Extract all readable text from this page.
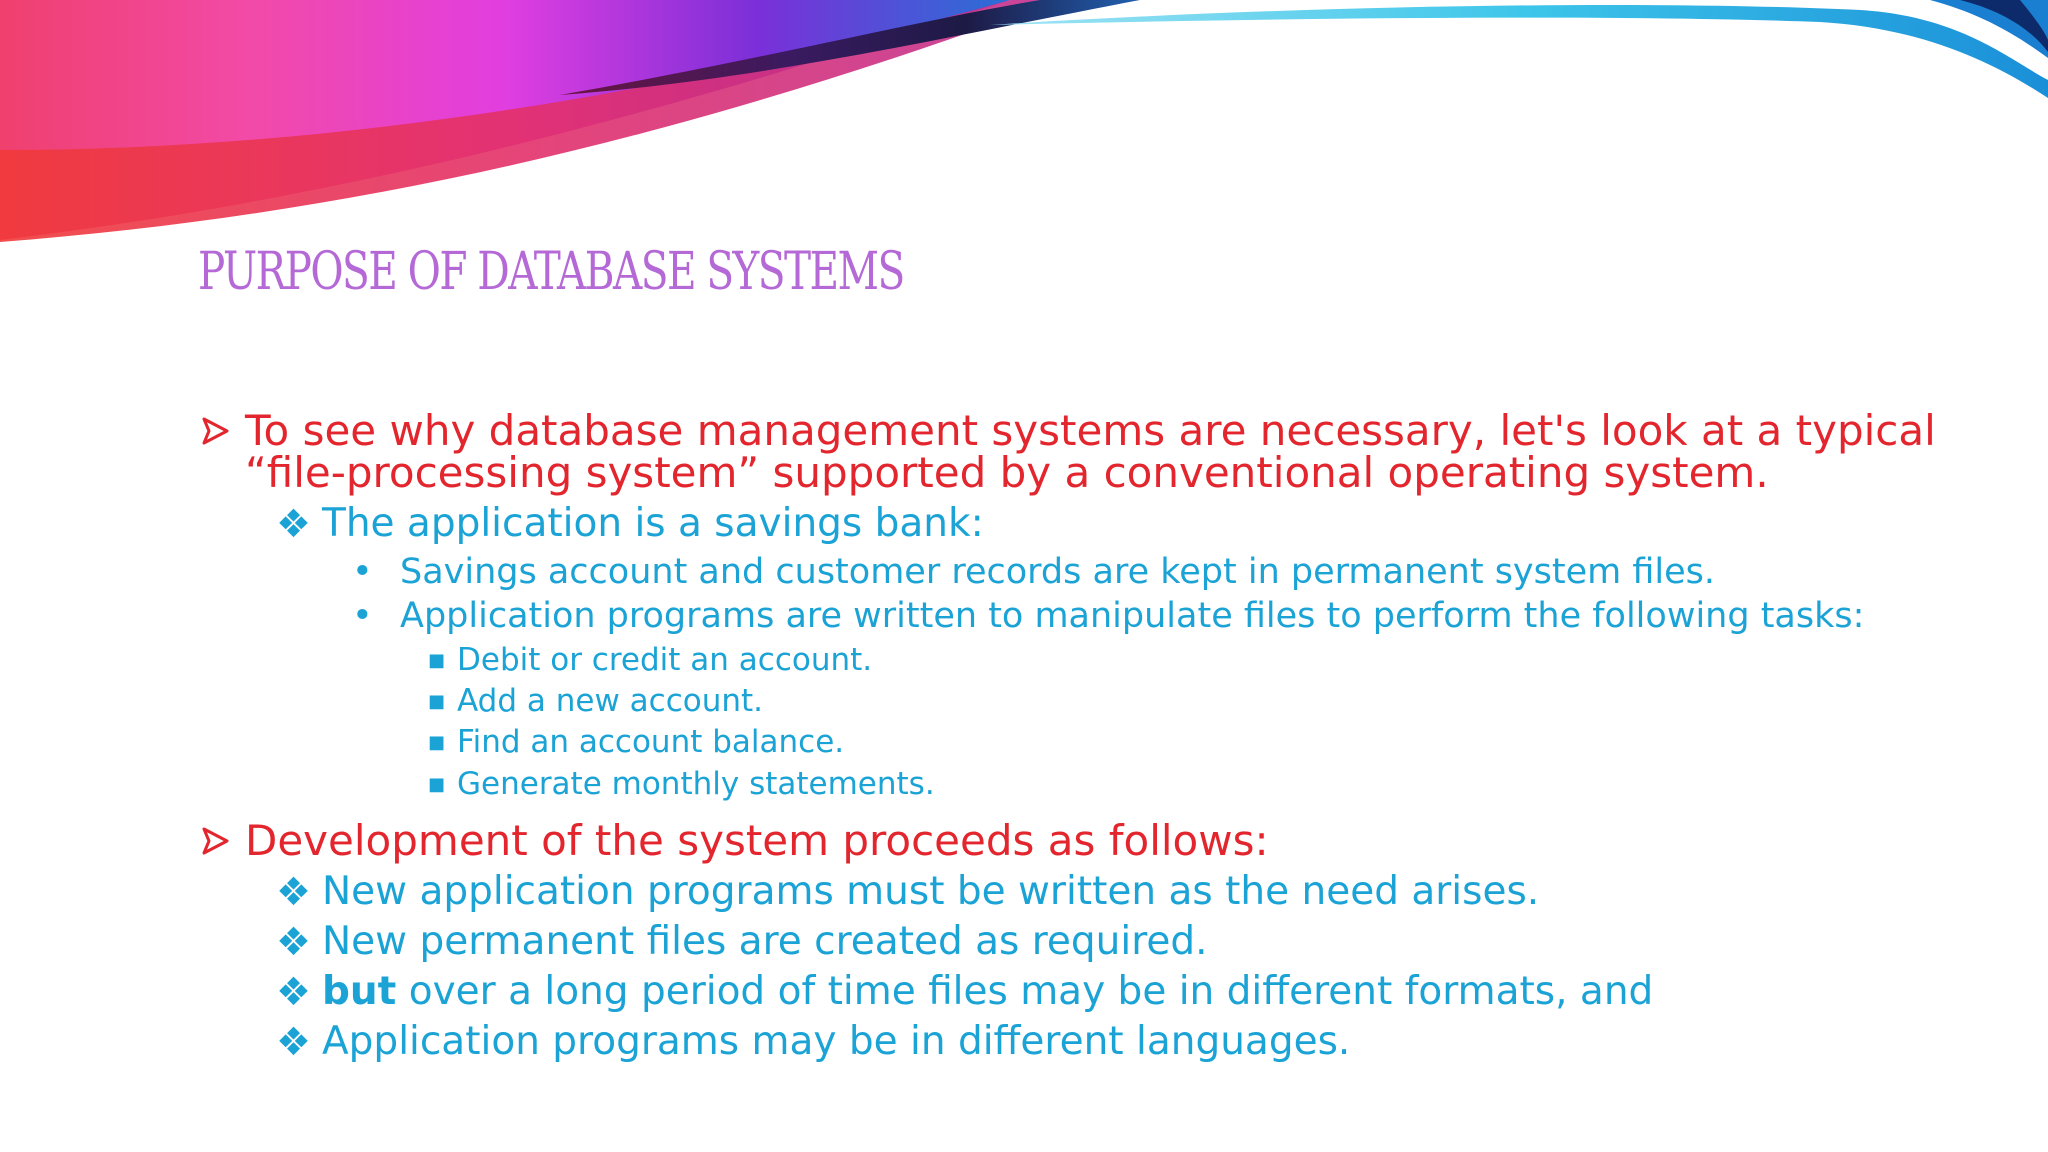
PURPOSE OF DATABASE SYSTEMS
To see why database management systems are necessary, let's look at a typical
“file-processing system” supported by a conventional operating system.
❖ The application is a savings bank:
• Savings account and customer records are kept in permanent system files.
• Application programs are written to manipulate files to perform the following tasks:
■ Debit or credit an account.
■ Add a new account.
■ Find an account balance.
■ Generate monthly statements.
Development of the system proceeds as follows:
❖ New application programs must be written as the need arises.
❖ New permanent files are created as required.
❖ but over a long period of time files may be in different formats, and
❖ Application programs may be in different languages.
